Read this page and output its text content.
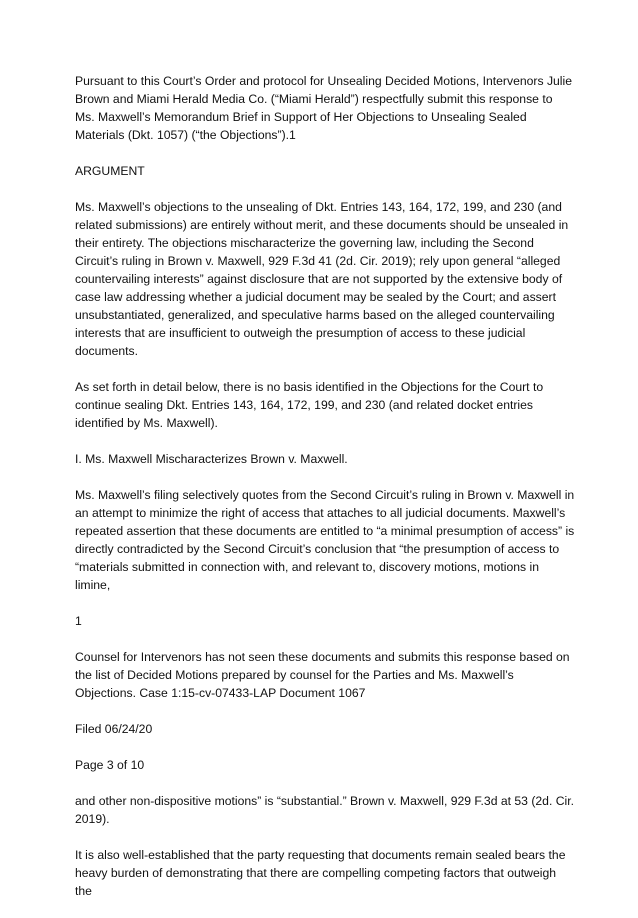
Pursuant to this Court’s Order and protocol for Unsealing Decided Motions, Intervenors Julie Brown and Miami Herald Media Co. (“Miami Herald”) respectfully submit this response to Ms. Maxwell’s Memorandum Brief in Support of Her Objections to Unsealing Sealed Materials (Dkt. 1057) (“the Objections”).1

ARGUMENT

Ms. Maxwell’s objections to the unsealing of Dkt. Entries 143, 164, 172, 199, and 230 (and related submissions) are entirely without merit, and these documents should be unsealed in their entirety. The objections mischaracterize the governing law, including the Second Circuit’s ruling in Brown v. Maxwell, 929 F.3d 41 (2d. Cir. 2019); rely upon general “alleged countervailing interests” against disclosure that are not supported by the extensive body of case law addressing whether a judicial document may be sealed by the Court; and assert unsubstantiated, generalized, and speculative harms based on the alleged countervailing interests that are insufficient to outweigh the presumption of access to these judicial documents.

As set forth in detail below, there is no basis identified in the Objections for the Court to continue sealing Dkt. Entries 143, 164, 172, 199, and 230 (and related docket entries identified by Ms. Maxwell).

I. Ms. Maxwell Mischaracterizes Brown v. Maxwell.

Ms. Maxwell’s filing selectively quotes from the Second Circuit’s ruling in Brown v. Maxwell in an attempt to minimize the right of access that attaches to all judicial documents. Maxwell’s repeated assertion that these documents are entitled to “a minimal presumption of access” is directly contradicted by the Second Circuit’s conclusion that “the presumption of access to “materials submitted in connection with, and relevant to, discovery motions, motions in limine,

1

Counsel for Intervenors has not seen these documents and submits this response based on the list of Decided Motions prepared by counsel for the Parties and Ms. Maxwell’s Objections. Case 1:15-cv-07433-LAP Document 1067

Filed 06/24/20

Page 3 of 10

and other non-dispositive motions” is “substantial.” Brown v. Maxwell, 929 F.3d at 53 (2d. Cir. 2019).

It is also well-established that the party requesting that documents remain sealed bears the heavy burden of demonstrating that there are compelling competing factors that outweigh the
